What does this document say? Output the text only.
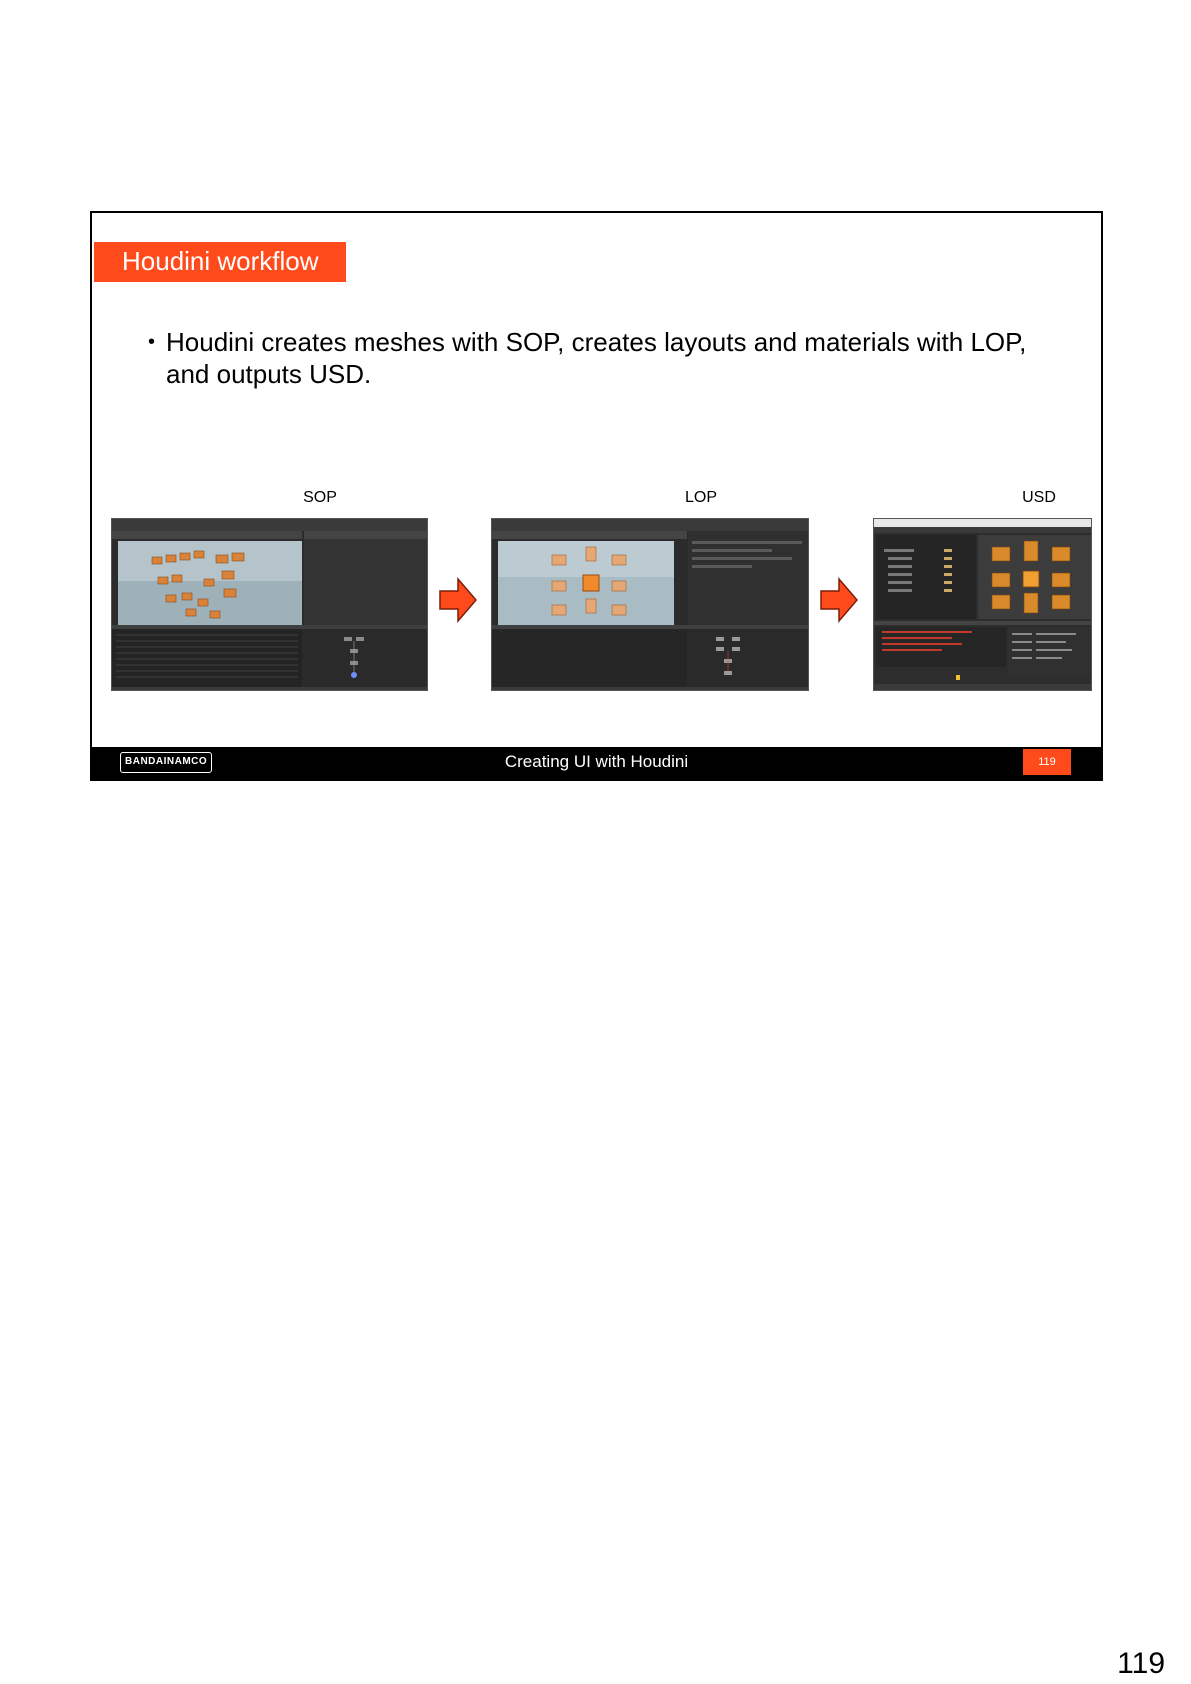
Houdini workflow
• Houdini creates meshes with SOP, creates layouts and materials with LOP, and outputs USD.
SOP	LOP	USD
BANDAINAMCO	Creating UI with Houdini	119
119
